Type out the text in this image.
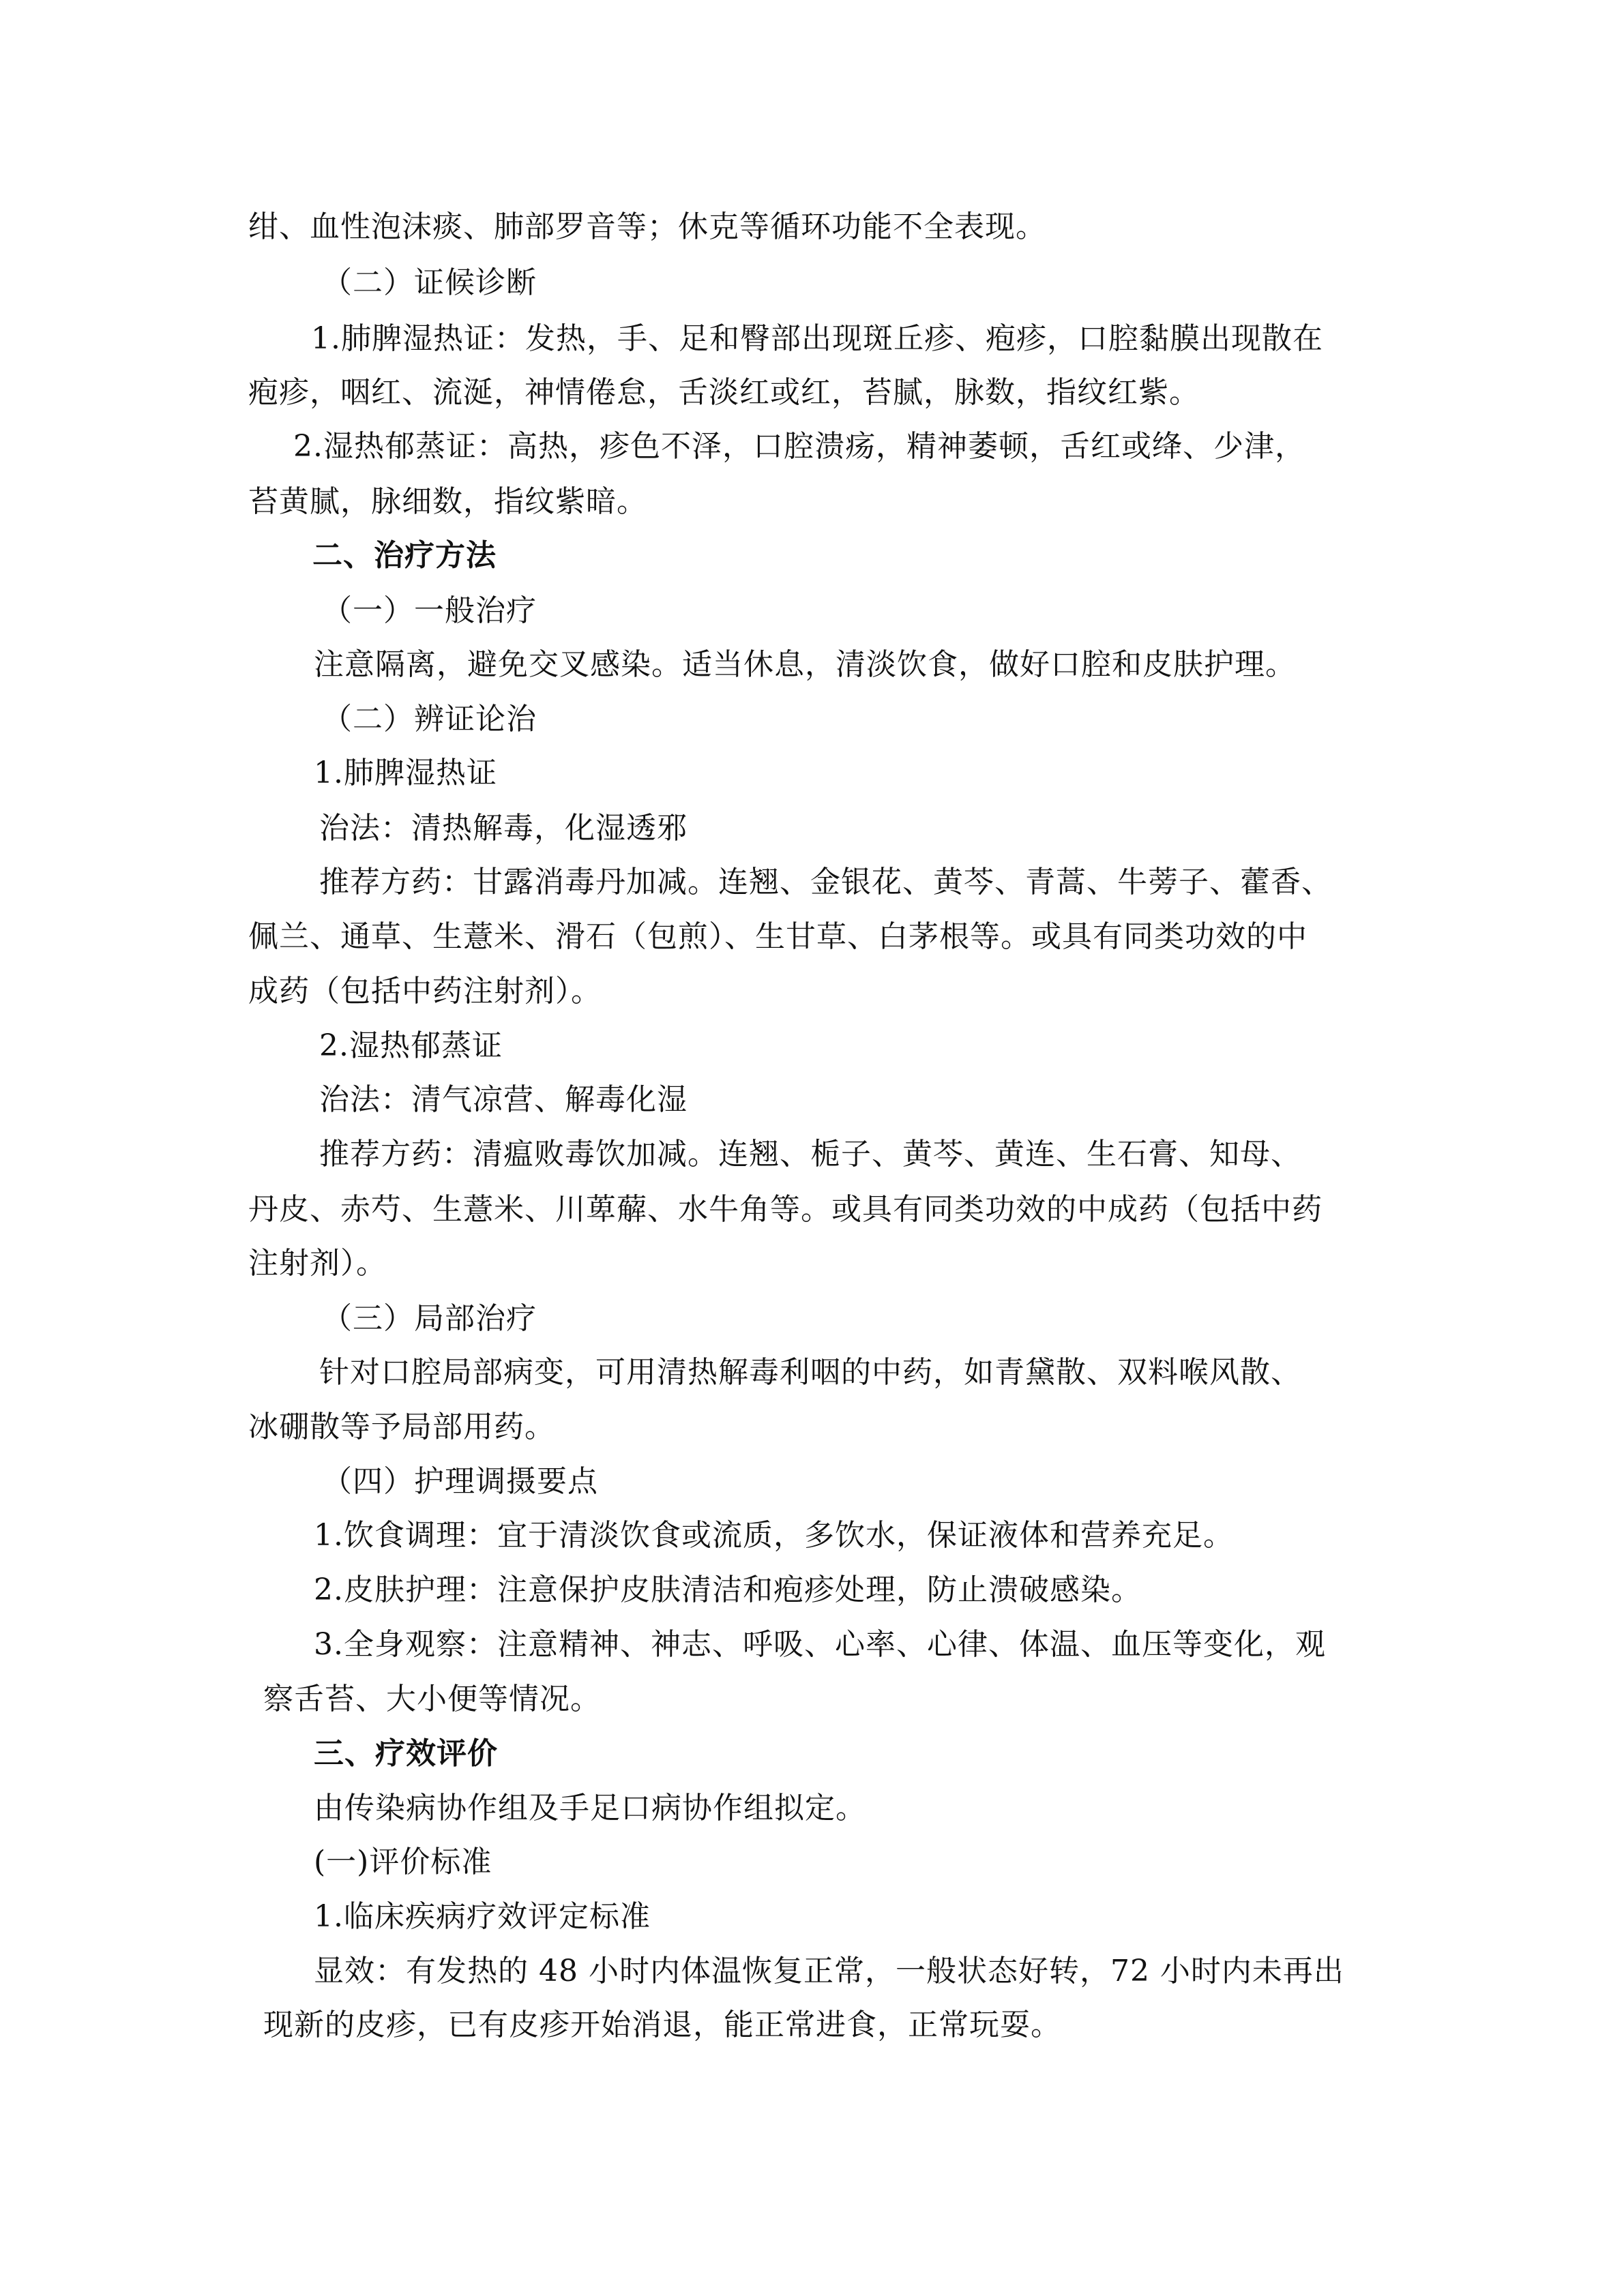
绀、血性泡沫痰、肺部罗音等；休克等循环功能不全表现。
（二）证候诊断
1.肺脾湿热证：发热，手、足和臀部出现斑丘疹、疱疹，口腔黏膜出现散在
疱疹，咽红、流涎，神情倦怠，舌淡红或红，苔腻，脉数，指纹红紫。
2.湿热郁蒸证：高热，疹色不泽，口腔溃疡，精神萎顿，舌红或绛、少津，
苔黄腻，脉细数，指纹紫暗。
二、治疗方法
（一）一般治疗
注意隔离，避免交叉感染。适当休息，清淡饮食，做好口腔和皮肤护理。
（二）辨证论治
1.肺脾湿热证
治法：清热解毒，化湿透邪
推荐方药：甘露消毒丹加减。连翘、金银花、黄芩、青蒿、牛蒡子、藿香、
佩兰、通草、生薏米、滑石（包煎）、生甘草、白茅根等。或具有同类功效的中
成药（包括中药注射剂）。
2.湿热郁蒸证
治法：清气凉营、解毒化湿
推荐方药：清瘟败毒饮加减。连翘、栀子、黄芩、黄连、生石膏、知母、
丹皮、赤芍、生薏米、川萆薢、水牛角等。或具有同类功效的中成药（包括中药
注射剂）。
（三）局部治疗
针对口腔局部病变，可用清热解毒利咽的中药，如青黛散、双料喉风散、
冰硼散等予局部用药。
（四）护理调摄要点
1.饮食调理：宜于清淡饮食或流质，多饮水，保证液体和营养充足。
2.皮肤护理：注意保护皮肤清洁和疱疹处理，防止溃破感染。
3.全身观察：注意精神、神志、呼吸、心率、心律、体温、血压等变化，观
察舌苔、大小便等情况。
三、疗效评价
由传染病协作组及手足口病协作组拟定。
(一)评价标准
1.临床疾病疗效评定标准
显效：有发热的 48 小时内体温恢复正常，一般状态好转，72 小时内未再出
现新的皮疹，已有皮疹开始消退，能正常进食，正常玩耍。
